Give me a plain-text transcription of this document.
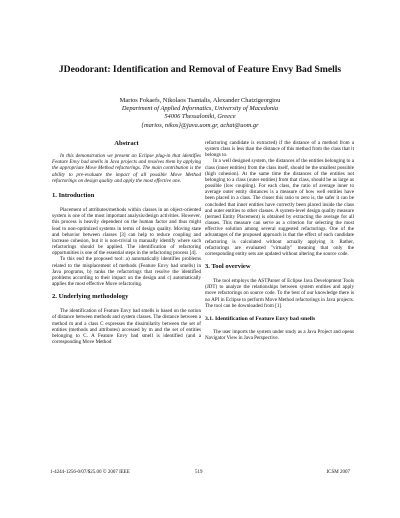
JDeodorant: Identification and Removal of Feature Envy Bad Smells
Marios Fokaefs, Nikolaos Tsantalis, Alexander Chatzigeorgiou
Department of Applied Informatics, University of Macedonia
54006 Thessaloniki, Greece
{marios, nikos}@java.uom.gr, achat@uom.gr
Abstract

In this demonstration we present an Eclipse plug-in that identifies Feature Envy bad smells in Java projects and resolves them by applying the appropriate Move Method refactorings. The main contribution is the ability to pre-evaluate the impact of all possible Move Method refactorings on design quality and apply the most effective one.

1. Introduction

Placement of attributes/methods within classes in an object-oriented system is one of the most important analysis/design activities. However, this process is heavily dependent on the human factor and thus might lead to non-optimized systems in terms of design quality. Moving state and behavior between classes [3] can help to reduce coupling and increase cohesion, but it is non-trivial to manually identify where such refactorings should be applied. The identification of refactoring opportunities is one of the essential steps in the refactoring process [4].

To this end the proposed tool: a) automatically identifies problems related to the misplacement of methods (Feature Envy bad smells) in Java programs, b) ranks the refactorings that resolve the identified problems according to their impact on the design and c) automatically applies the most effective Move refactoring.

2. Underlying methodology

The identification of Feature Envy bad smells is based on the notion of distance between methods and system classes. The distance between a method m and a class C expresses the dissimilarity between the set of entities (methods and attributes) accessed by m and the set of entities belonging to C. A Feature Envy bad smell is identified (and a corresponding Move Method

refactoring candidate is extracted) if the distance of a method from a system class is less than the distance of this method from the class that it belongs to.

In a well designed system, the distances of the entities belonging to a class (inner entities) from the class itself, should be the smallest possible (high cohesion). At the same time the distances of the entities not belonging to a class (outer entities) from that class, should be as large as possible (low coupling). For each class, the ratio of average inner to average outer entity distances is a measure of how well entities have been placed in a class. The closer this ratio to zero is, the safer it can be concluded that inner entities have correctly been placed inside the class and outer entities to other classes. A system-level design quality measure (termed Entity Placement) is obtained by extracting the average for all classes. This measure can serve as a criterion for selecting the most effective solution among several suggested refactorings. One of the advantages of the proposed approach is that the effect of each candidate refactoring is calculated without actually applying it. Rather, refactorings are evaluated "virtually" meaning that only the corresponding entity sets are updated without altering the source code.

3. Tool overview

The tool employs the ASTParser of Eclipse Java Development Tools (JDT) to analyze the relationships between system entities and apply move refactorings on source code. To the best of our knowledge there is no API in Eclipse to perform Move Method refactorings in Java projects. The tool can be downloaded from [1].

3.1. Identification of Feature Envy bad smells

The user imports the system under study as a Java Project and opens Navigator View in Java Perspective.

1-4244-1256-0/07/$25.00 © 2007 IEEE	519	ICSM 2007
